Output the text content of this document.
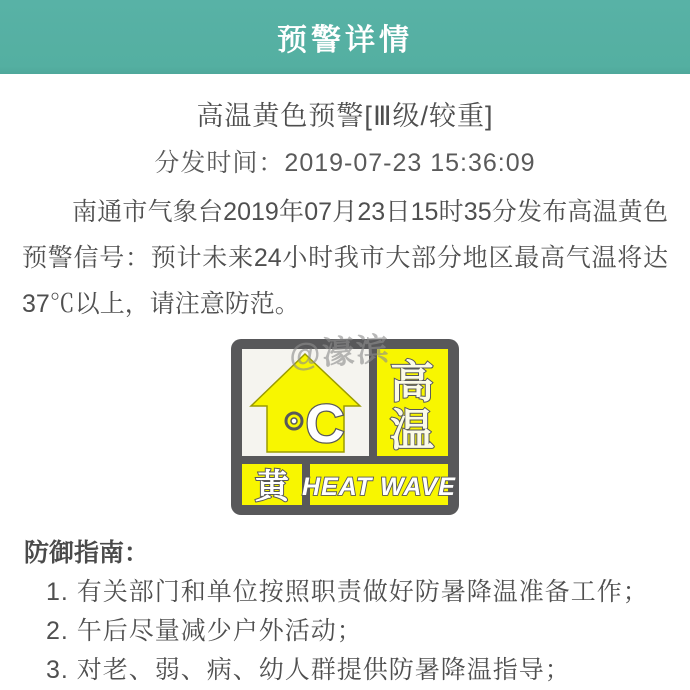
预警详情
高温黄色预警[Ⅲ级/较重]
分发时间：2019-07-23 15:36:09
南通市气象台2019年07月23日15时35分发布高温黄色预警信号：预计未来24小时我市大部分地区最高气温将达37℃以上，请注意防范。
@濠滨
C
高
温
黄 HEAT WAVE
防御指南：
1. 有关部门和单位按照职责做好防暑降温准备工作；
2. 午后尽量减少户外活动；
3. 对老、弱、病、幼人群提供防暑降温指导；
